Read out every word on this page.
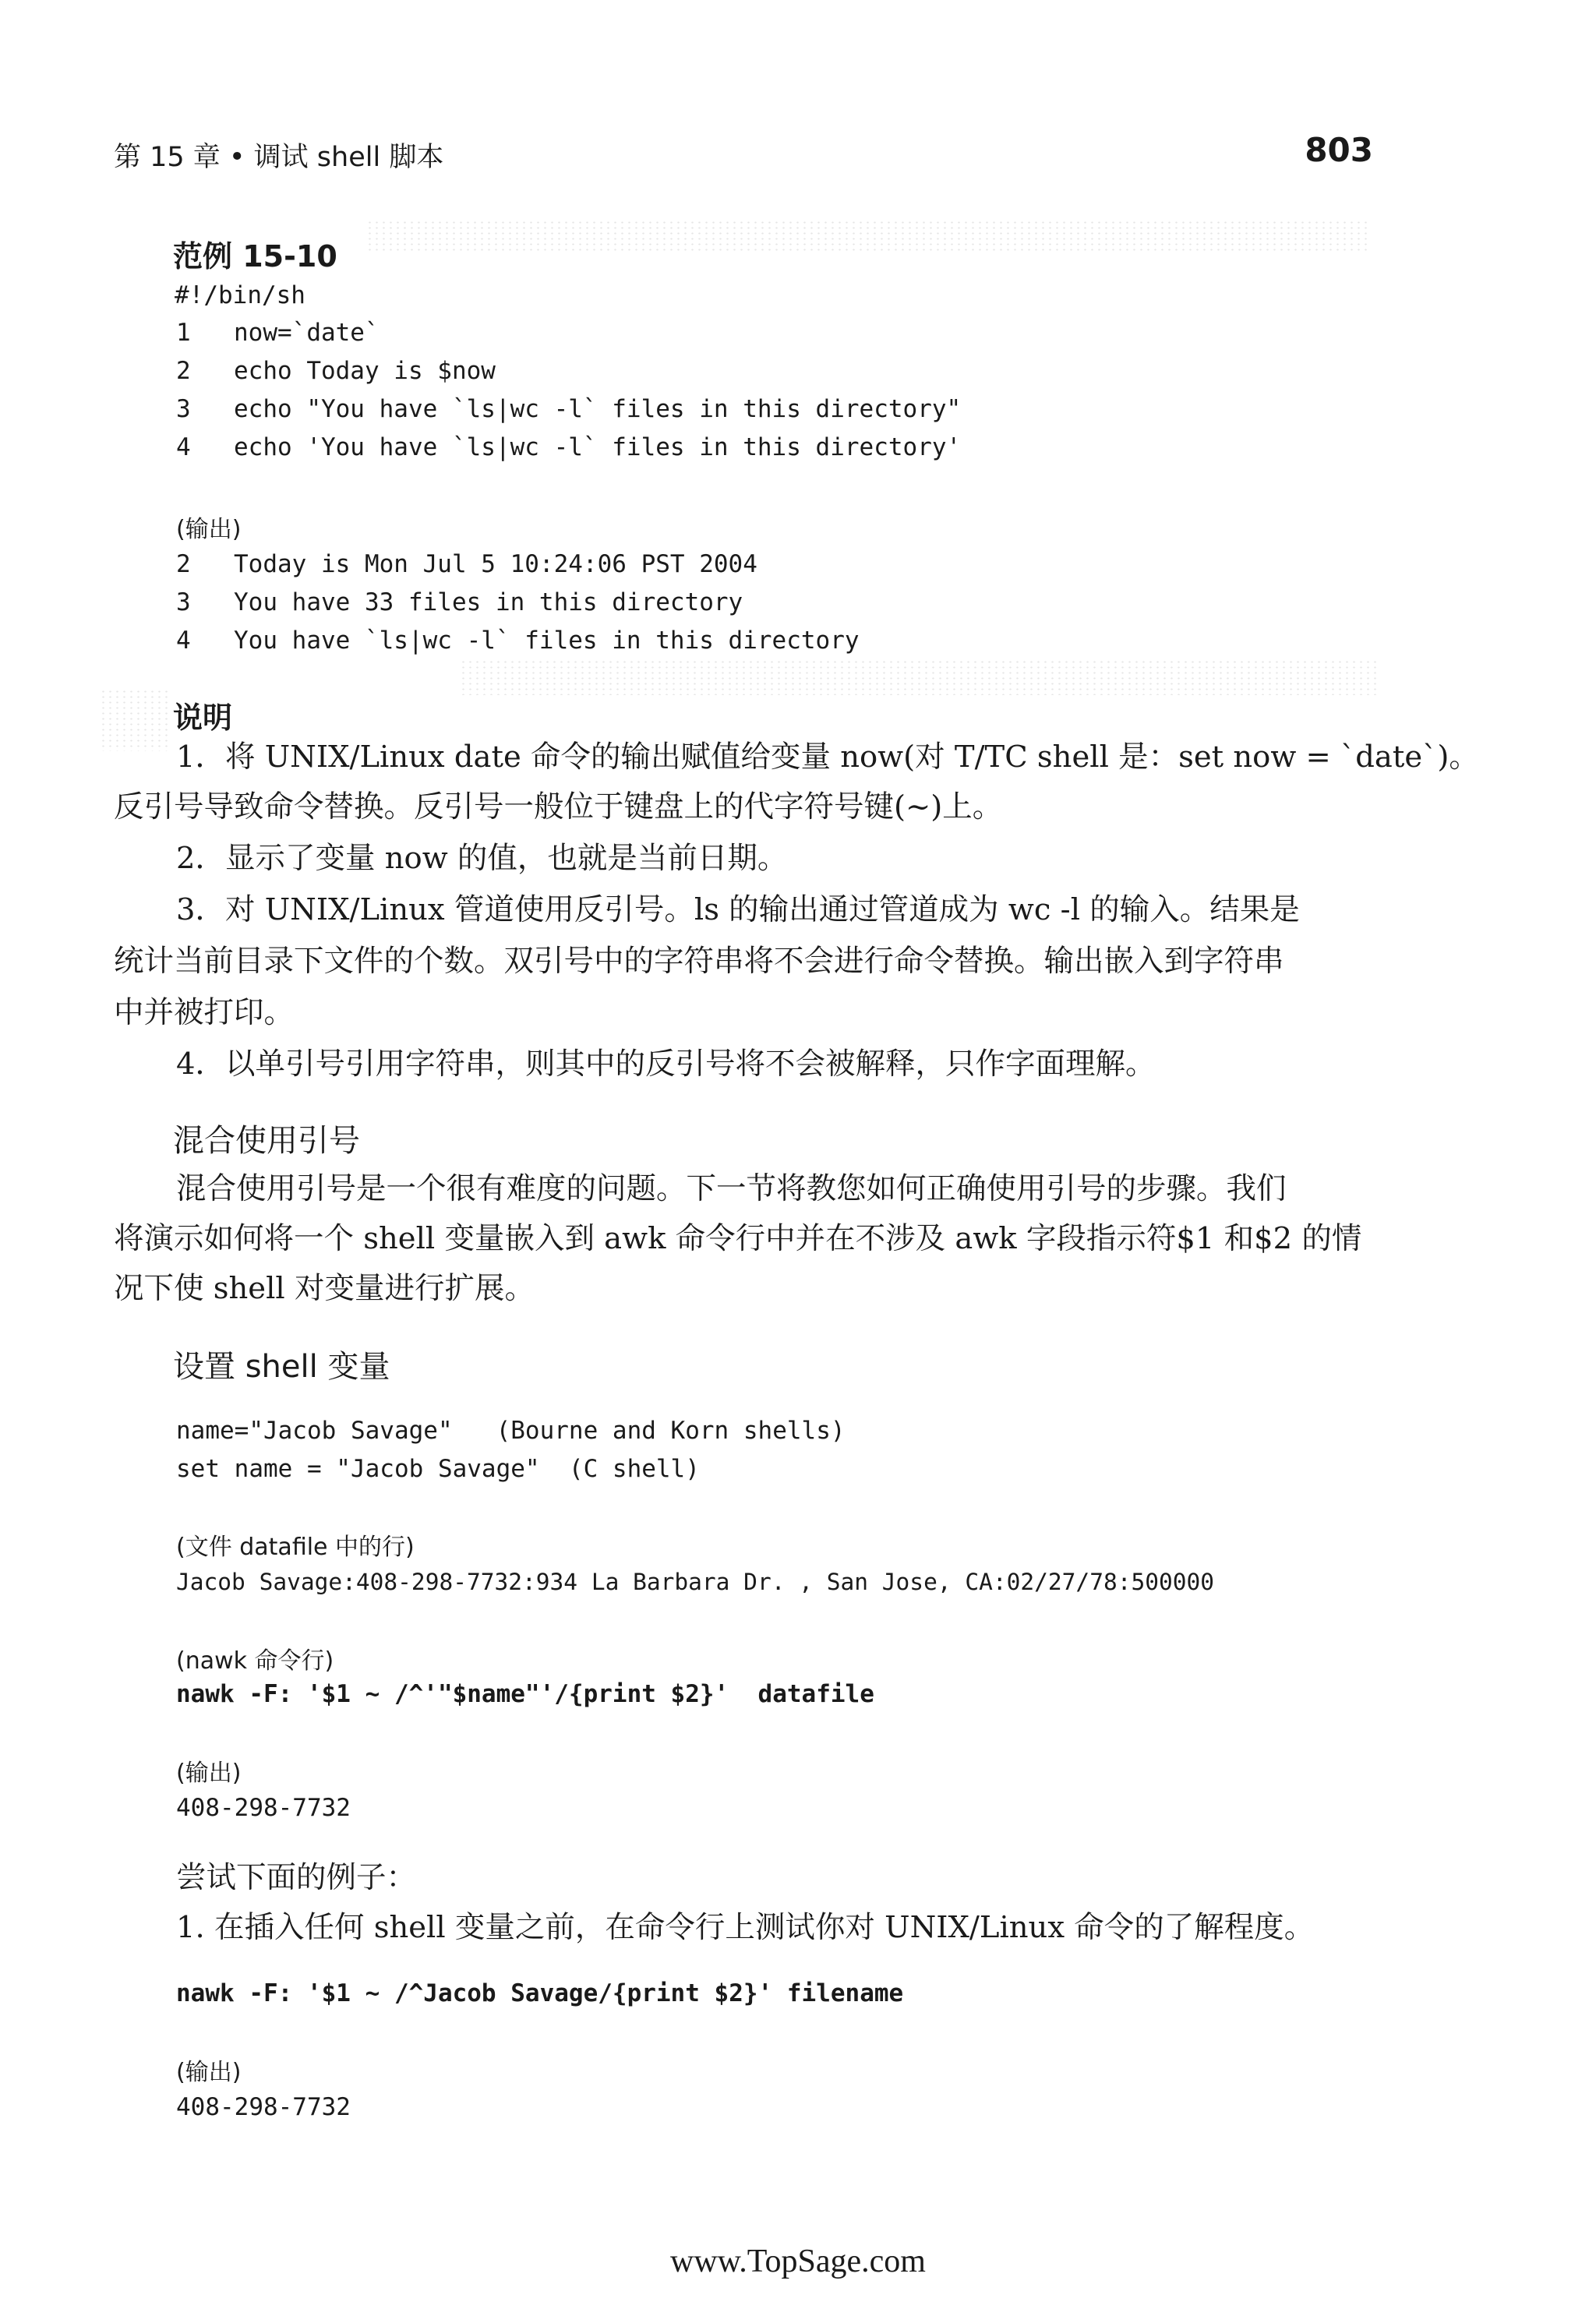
第 15 章 • 调试 shell 脚本	803
范例 15-10
#!/bin/sh
1	now=`date`
2	echo Today is $now
3	echo "You have `ls|wc -l` files in this directory"
4	echo 'You have `ls|wc -l` files in this directory'
(输出)
2	Today is Mon Jul 5 10:24:06 PST 2004
3	You have 33 files in this directory
4	You have `ls|wc -l` files in this directory
说明
1．将 UNIX/Linux date 命令的输出赋值给变量 now(对 T/TC shell 是：set now = `date`)。
反引号导致命令替换。反引号一般位于键盘上的代字符号键(~)上。
2．显示了变量 now 的值，也就是当前日期。
3．对 UNIX/Linux 管道使用反引号。ls 的输出通过管道成为 wc -l 的输入。结果是
统计当前目录下文件的个数。双引号中的字符串将不会进行命令替换。输出嵌入到字符串
中并被打印。
4．以单引号引用字符串，则其中的反引号将不会被解释，只作字面理解。
混合使用引号
混合使用引号是一个很有难度的问题。下一节将教您如何正确使用引号的步骤。我们
将演示如何将一个 shell 变量嵌入到 awk 命令行中并在不涉及 awk 字段指示符$1 和$2 的情
况下使 shell 对变量进行扩展。
设置 shell 变量
name="Jacob Savage"   (Bourne and Korn shells)
set name = "Jacob Savage"  (C shell)
(文件 datafile 中的行)
Jacob Savage:408-298-7732:934 La Barbara Dr. , San Jose, CA:02/27/78:500000
(nawk 命令行)
nawk -F: '$1 ~ /^'"$name"'/{print $2}'  datafile
(输出)
408-298-7732
尝试下面的例子：
1. 在插入任何 shell 变量之前，在命令行上测试你对 UNIX/Linux 命令的了解程度。
nawk -F: '$1 ~ /^Jacob Savage/{print $2}' filename
(输出)
408-298-7732
www.TopSage.com
